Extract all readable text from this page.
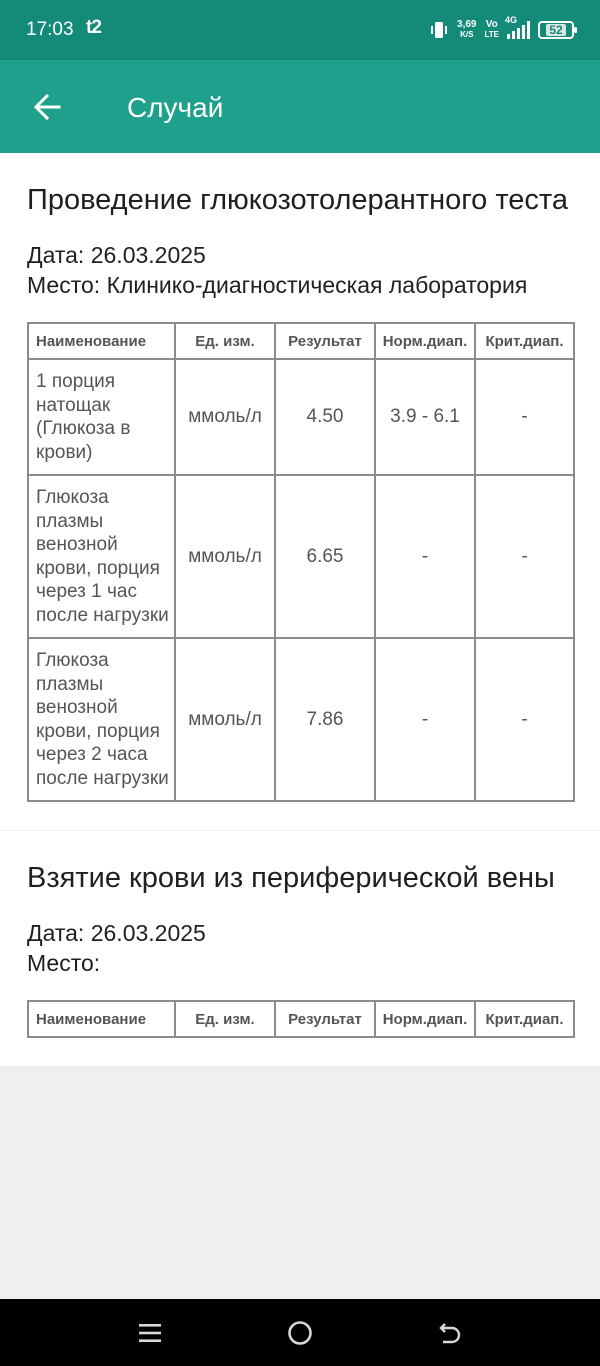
17:03 t2	3,69
K/S
Vo
LTE
4G
52
Случай
Проведение глюкозотолерантного теста
Дата: 26.03.2025
Место: Клинико-диагностическая лаборатория
Наименование	Ед. изм.	Результат	Норм.диап.	Крит.диап.
1 порция натощак (Глюкоза в крови)	ммоль/л	4.50	3.9 - 6.1	-
Глюкоза плазмы венозной крови, порция через 1 час после нагрузки	ммоль/л	6.65	-	-
Глюкоза плазмы венозной крови, порция через 2 часа после нагрузки	ммоль/л	7.86	-	-
Взятие крови из периферической вены
Дата: 26.03.2025
Место:
Наименование	Ед. изм.	Результат	Норм.диап.	Крит.диап.
